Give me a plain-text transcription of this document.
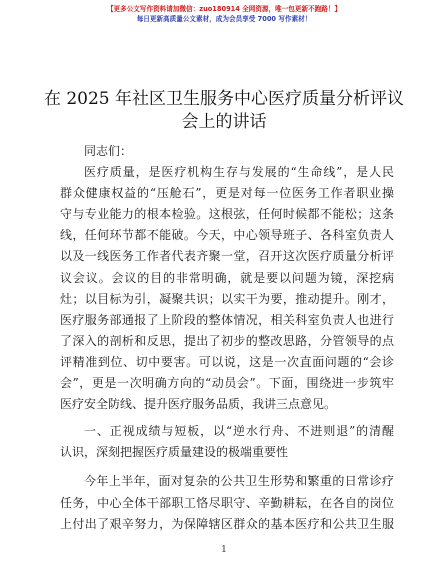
【更多公文写作资料请加微信：zuo180914 全网资源，唯一包更新不跑路！】
每日更新高质量公文素材，成为会员享受 7000 写作素材！
在 2025 年社区卫生服务中心医疗质量分析评议
会上的讲话
同志们：
医疗质量，是医疗机构生存与发展的“生命线”，是人民
群众健康权益的“压舱石”，更是对每一位医务工作者职业操
守与专业能力的根本检验。这根弦，任何时候都不能松；这条
线，任何环节都不能破。今天，中心领导班子、各科室负责人
以及一线医务工作者代表齐聚一堂，召开这次医疗质量分析评
议会议。会议的目的非常明确，就是要以问题为镜，深挖病
灶；以目标为引，凝聚共识；以实干为要，推动提升。刚才，
医疗服务部通报了上阶段的整体情况，相关科室负责人也进行
了深入的剖析和反思，提出了初步的整改思路，分管领导的点
评精准到位、切中要害。可以说，这是一次直面问题的“会诊
会”，更是一次明确方向的“动员会”。下面，围绕进一步筑牢
医疗安全防线、提升医疗服务品质，我讲三点意见。
一、正视成绩与短板，以“逆水行舟、不进则退”的清醒
认识，深刻把握医疗质量建设的极端重要性
今年上半年，面对复杂的公共卫生形势和繁重的日常诊疗
任务，中心全体干部职工恪尽职守、辛勤耕耘，在各自的岗位
上付出了艰辛努力，为保障辖区群众的基本医疗和公共卫生服
1
